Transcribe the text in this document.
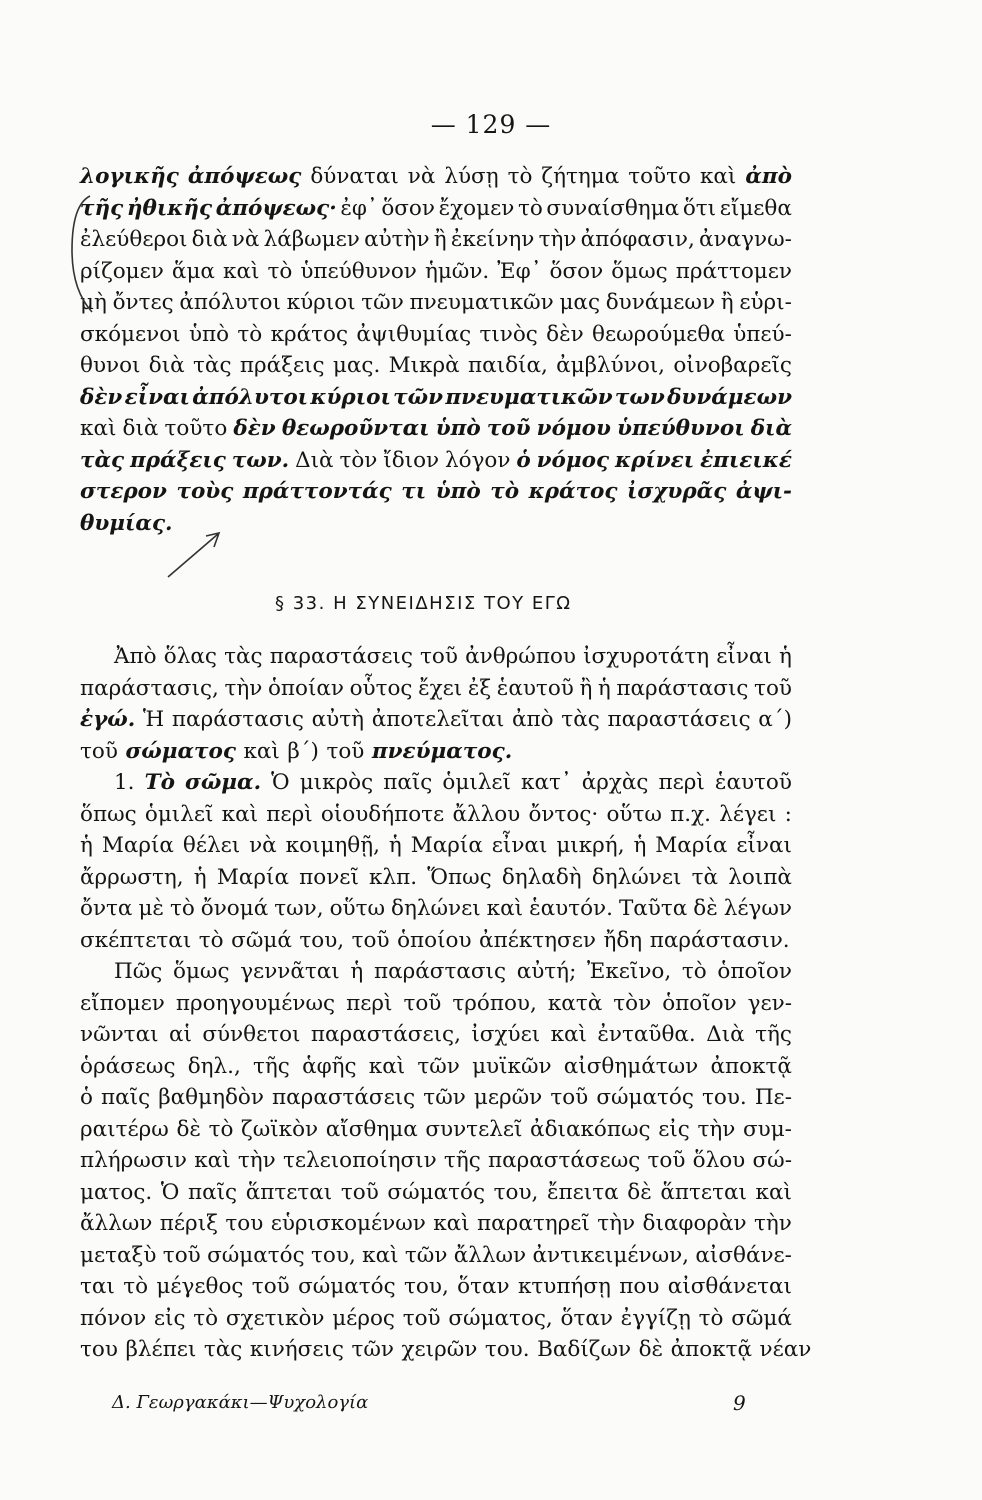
— 129 —
λογικῆς ἀπόψεως δύναται νὰ λύσῃ τὸ ζήτημα τοῦτο καὶ ἀπὸ
τῆς ἠθικῆς ἀπόψεως· ἐφ᾽ ὅσον ἔχομεν τὸ συναίσθημα ὅτι εἴμεθα
ἐλεύθεροι διὰ νὰ λάβωμεν αὐτὴν ἢ ἐκείνην τὴν ἀπόφασιν, ἀναγνω-
ρίζομεν ἅμα καὶ τὸ ὑπεύθυνον ἡμῶν. Ἐφ᾽ ὅσον ὅμως πράττομεν
μὴ ὄντες ἀπόλυτοι κύριοι τῶν πνευματικῶν μας δυνάμεων ἢ εὑρι-
σκόμενοι ὑπὸ τὸ κράτος ἀψιθυμίας τινὸς δὲν θεωρούμεθα ὑπεύ-
θυνοι διὰ τὰς πράξεις μας. Μικρὰ παιδία, ἀμβλύνοι, οἰνοβαρεῖς
δὲν εἶναι ἀπόλυτοι κύριοι τῶν πνευματικῶν των δυνάμεων
καὶ διὰ τοῦτο δὲν θεωροῦνται ὑπὸ τοῦ νόμου ὑπεύθυνοι διὰ
τὰς πράξεις των. Διὰ τὸν ἴδιον λόγον ὁ νόμος κρίνει ἐπιεικέ
στερον τοὺς πράττοντάς τι ὑπὸ τὸ κράτος ἰσχυρᾶς ἀψι-
θυμίας.
§ 33. Η ΣΥΝΕΙΔΗΣΙΣ ΤΟΥ ΕΓΩ
Ἀπὸ ὅλας τὰς παραστάσεις τοῦ ἀνθρώπου ἰσχυροτάτη εἶναι ἡ
παράστασις, τὴν ὁποίαν οὗτος ἔχει ἐξ ἑαυτοῦ ἢ ἡ παράστασις τοῦ
ἐγώ. Ἡ παράστασις αὐτὴ ἀποτελεῖται ἀπὸ τὰς παραστάσεις α΄)
τοῦ σώματος καὶ β΄) τοῦ πνεύματος.
1. Τὸ σῶμα. Ὁ μικρὸς παῖς ὁμιλεῖ κατ᾽ ἀρχὰς περὶ ἑαυτοῦ
ὅπως ὁμιλεῖ καὶ περὶ οἱουδήποτε ἄλλου ὄντος· οὕτω π.χ. λέγει :
ἡ Μαρία θέλει νὰ κοιμηθῇ, ἡ Μαρία εἶναι μικρή, ἡ Μαρία εἶναι
ἄρρωστη, ἡ Μαρία πονεῖ κλπ. Ὅπως δηλαδὴ δηλώνει τὰ λοιπὰ
ὄντα μὲ τὸ ὄνομά των, οὕτω δηλώνει καὶ ἑαυτόν. Ταῦτα δὲ λέγων
σκέπτεται τὸ σῶμά του, τοῦ ὁποίου ἀπέκτησεν ἤδη παράστασιν.
Πῶς ὅμως γεννᾶται ἡ παράστασις αὐτή; Ἐκεῖνο, τὸ ὁποῖον
εἴπομεν προηγουμένως περὶ τοῦ τρόπου, κατὰ τὸν ὁποῖον γεν-
νῶνται αἱ σύνθετοι παραστάσεις, ἰσχύει καὶ ἐνταῦθα. Διὰ τῆς
ὁράσεως δηλ., τῆς ἁφῆς καὶ τῶν μυϊκῶν αἰσθημάτων ἀποκτᾷ
ὁ παῖς βαθμηδὸν παραστάσεις τῶν μερῶν τοῦ σώματός του. Πε-
ραιτέρω δὲ τὸ ζωϊκὸν αἴσθημα συντελεῖ ἀδιακόπως εἰς τὴν συμ-
πλήρωσιν καὶ τὴν τελειοποίησιν τῆς παραστάσεως τοῦ ὅλου σώ-
ματος. Ὁ παῖς ἅπτεται τοῦ σώματός του, ἔπειτα δὲ ἅπτεται καὶ
ἄλλων πέριξ του εὑρισκομένων καὶ παρατηρεῖ τὴν διαφορὰν τὴν
μεταξὺ τοῦ σώματός του, καὶ τῶν ἄλλων ἀντικειμένων, αἰσθάνε-
ται τὸ μέγεθος τοῦ σώματός του, ὅταν κτυπήσῃ που αἰσθάνεται
πόνον εἰς τὸ σχετικὸν μέρος τοῦ σώματος, ὅταν ἐγγίζῃ τὸ σῶμά
του βλέπει τὰς κινήσεις τῶν χειρῶν του. Βαδίζων δὲ ἀποκτᾷ νέαν
Δ. Γεωργακάκι—Ψυχολογία	9
